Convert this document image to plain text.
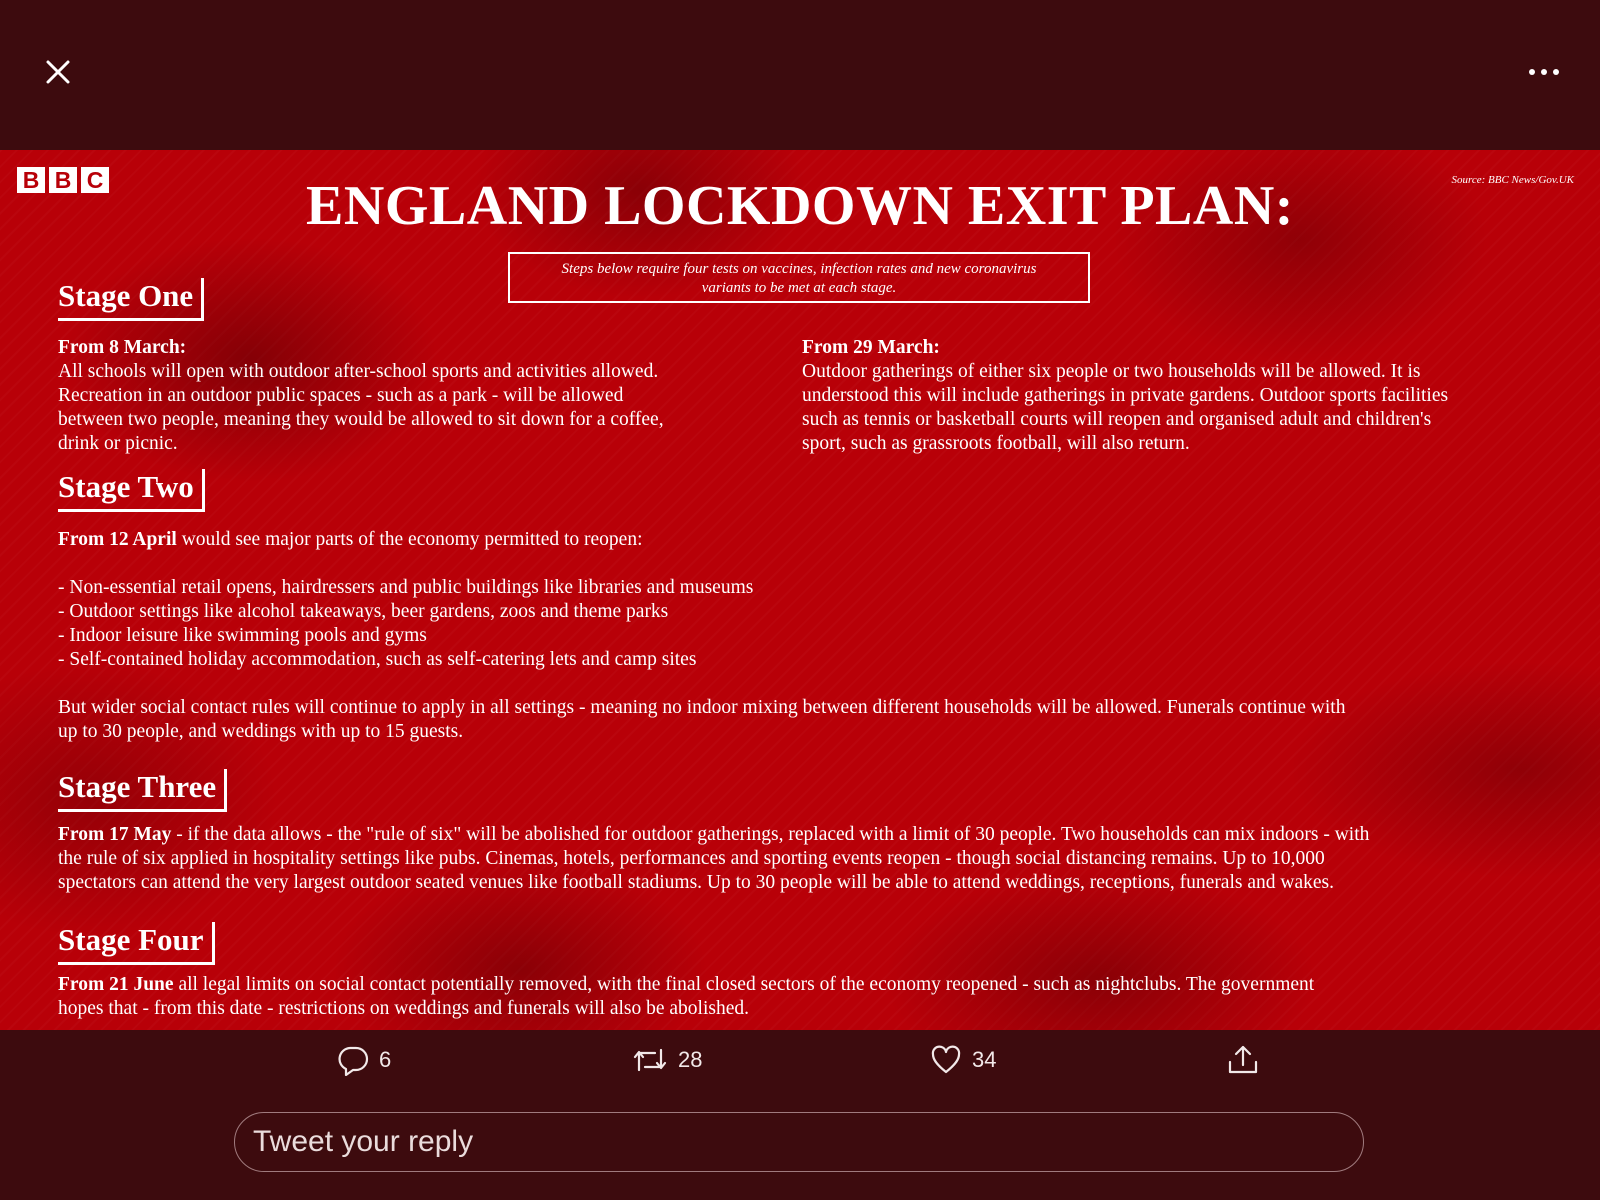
B B C	Source: BBC News/Gov.UK
ENGLAND LOCKDOWN EXIT PLAN:
Steps below require four tests on vaccines, infection rates and new coronavirus
variants to be met at each stage.
Stage One
From 8 March:
All schools will open with outdoor after-school sports and activities allowed.
Recreation in an outdoor public spaces - such as a park - will be allowed
between two people, meaning they would be allowed to sit down for a coffee,
drink or picnic.
From 29 March:
Outdoor gatherings of either six people or two households will be allowed. It is
understood this will include gatherings in private gardens. Outdoor sports facilities
such as tennis or basketball courts will reopen and organised adult and children's
sport, such as grassroots football, will also return.
Stage Two
From 12 April would see major parts of the economy permitted to reopen:
- Non-essential retail opens, hairdressers and public buildings like libraries and museums
- Outdoor settings like alcohol takeaways, beer gardens, zoos and theme parks
- Indoor leisure like swimming pools and gyms
- Self-contained holiday accommodation, such as self-catering lets and camp sites
But wider social contact rules will continue to apply in all settings - meaning no indoor mixing between different households will be allowed. Funerals continue with
up to 30 people, and weddings with up to 15 guests.
Stage Three
From 17 May - if the data allows - the "rule of six" will be abolished for outdoor gatherings, replaced with a limit of 30 people. Two households can mix indoors - with
the rule of six applied in hospitality settings like pubs. Cinemas, hotels, performances and sporting events reopen - though social distancing remains. Up to 10,000
spectators can attend the very largest outdoor seated venues like football stadiums. Up to 30 people will be able to attend weddings, receptions, funerals and wakes.
Stage Four
From 21 June all legal limits on social contact potentially removed, with the final closed sectors of the economy reopened - such as nightclubs. The government
hopes that - from this date - restrictions on weddings and funerals will also be abolished.
6	28	34
Tweet your reply
